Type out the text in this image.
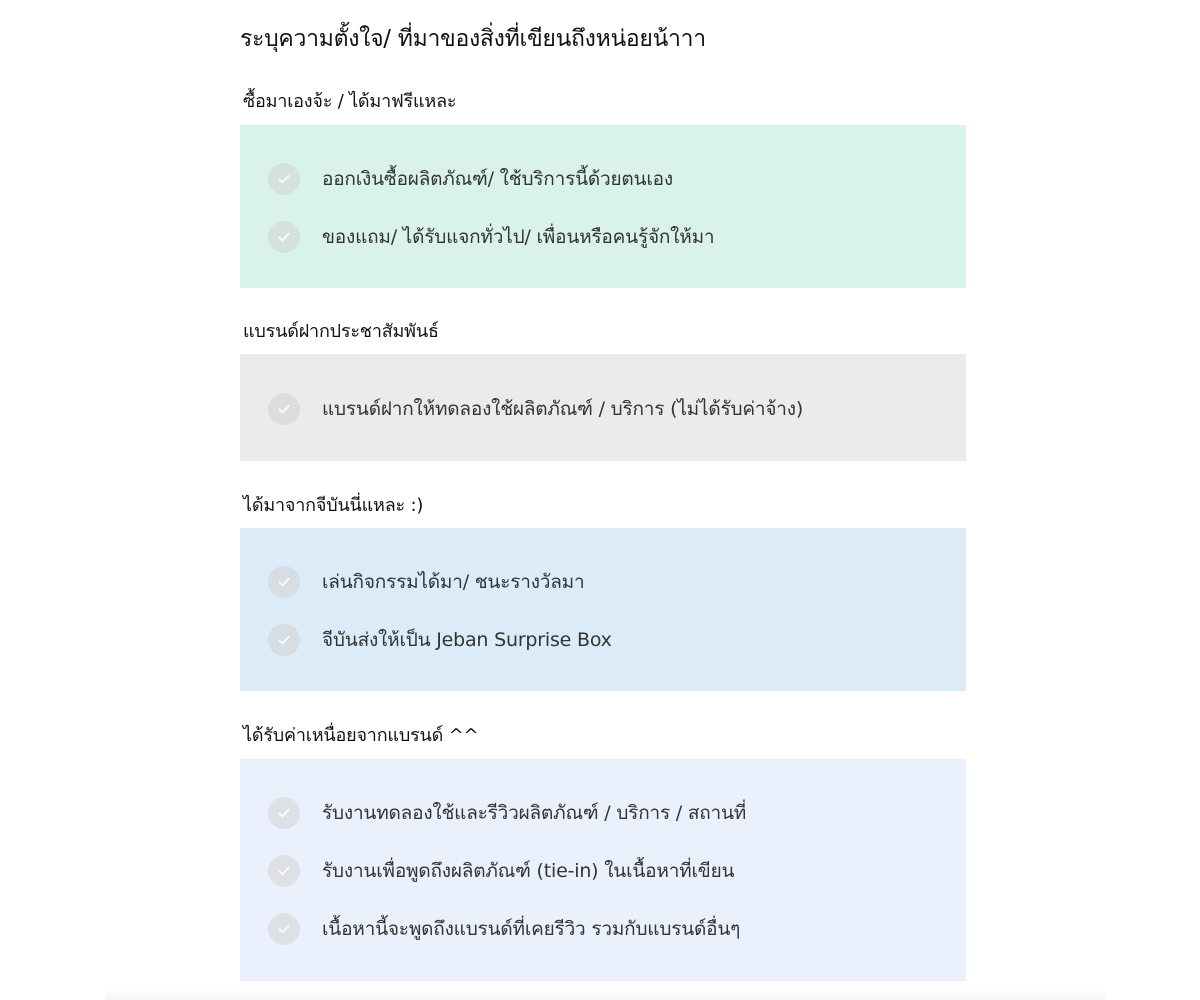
ระบุความตั้งใจ/ ที่มาของสิ่งที่เขียนถึงหน่อยน้าาา
ซื้อมาเองจ้ะ / ได้มาฟรีแหละ
ออกเงินซื้อผลิตภัณฑ์/ ใช้บริการนี้ด้วยตนเอง
ของแถม/ ได้รับแจกทั่วไป/ เพื่อนหรือคนรู้จักให้มา
แบรนด์ฝากประชาสัมพันธ์
แบรนด์ฝากให้ทดลองใช้ผลิตภัณฑ์ / บริการ (ไม่ได้รับค่าจ้าง)
ได้มาจากจีบันนี่แหละ :)
เล่นกิจกรรมได้มา/ ชนะรางวัลมา
จีบันส่งให้เป็น Jeban Surprise Box
ได้รับค่าเหนื่อยจากแบรนด์ ^^
รับงานทดลองใช้และรีวิวผลิตภัณฑ์ / บริการ / สถานที่
รับงานเพื่อพูดถึงผลิตภัณฑ์ (tie-in) ในเนื้อหาที่เขียน
เนื้อหานี้จะพูดถึงแบรนด์ที่เคยรีวิว รวมกับแบรนด์อื่นๆ
